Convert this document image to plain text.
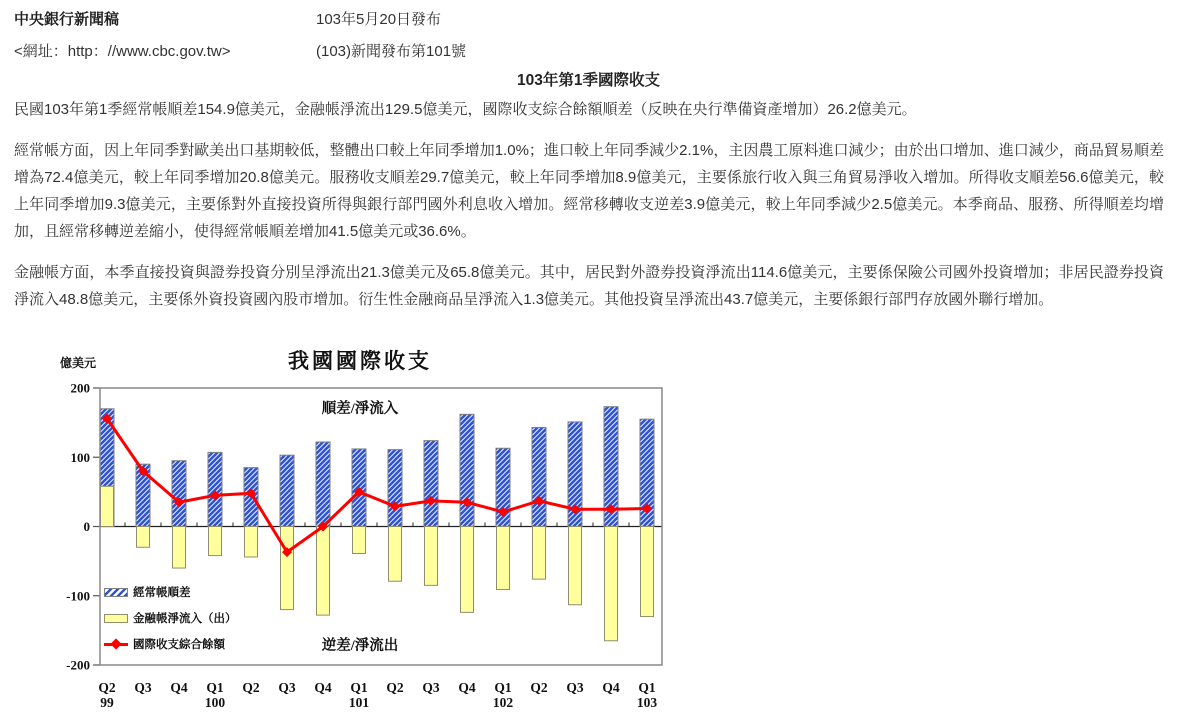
中央銀行新聞稿	103年5月20日發布
<網址：http：//www.cbc.gov.tw>	(103)新聞發布第101號
103年第1季國際收支

民國103年第1季經常帳順差154.9億美元，金融帳淨流出129.5億美元，國際收支綜合餘額順差（反映在央行準備資產增加）26.2億美元。

經常帳方面，因上年同季對歐美出口基期較低，整體出口較上年同季增加1.0%；進口較上年同季減少2.1%，主因農工原料進口減少；由於出口增加、進口減少，商品貿易順差增為72.4億美元，較上年同季增加20.8億美元。服務收支順差29.7億美元，較上年同季增加8.9億美元，主要係旅行收入與三角貿易淨收入增加。所得收支順差56.6億美元，較上年同季增加9.3億美元，主要係對外直接投資所得與銀行部門國外利息收入增加。經常移轉收支逆差3.9億美元，較上年同季減少2.5億美元。本季商品、服務、所得順差均增加，且經常移轉逆差縮小，使得經常帳順差增加41.5億美元或36.6%。

金融帳方面，本季直接投資與證券投資分別呈淨流出21.3億美元及65.8億美元。其中，居民對外證券投資淨流出114.6億美元，主要係保險公司國外投資增加；非居民證券投資淨流入48.8億美元，主要係外資投資國內股市增加。衍生性金融商品呈淨流入1.3億美元。其他投資呈淨流出43.7億美元，主要係銀行部門存放國外聯行增加。

我國國際收支
億美元
200
100
0
-100
-200
Q2
99
Q3 Q4 Q1
100
Q2 Q3 Q4 Q1
101
Q2 Q3 Q4 Q1
102
Q2 Q3 Q4 Q1
103
順差/淨流入
逆差/淨流出
經常帳順差
金融帳淨流入（出）
國際收支綜合餘額
